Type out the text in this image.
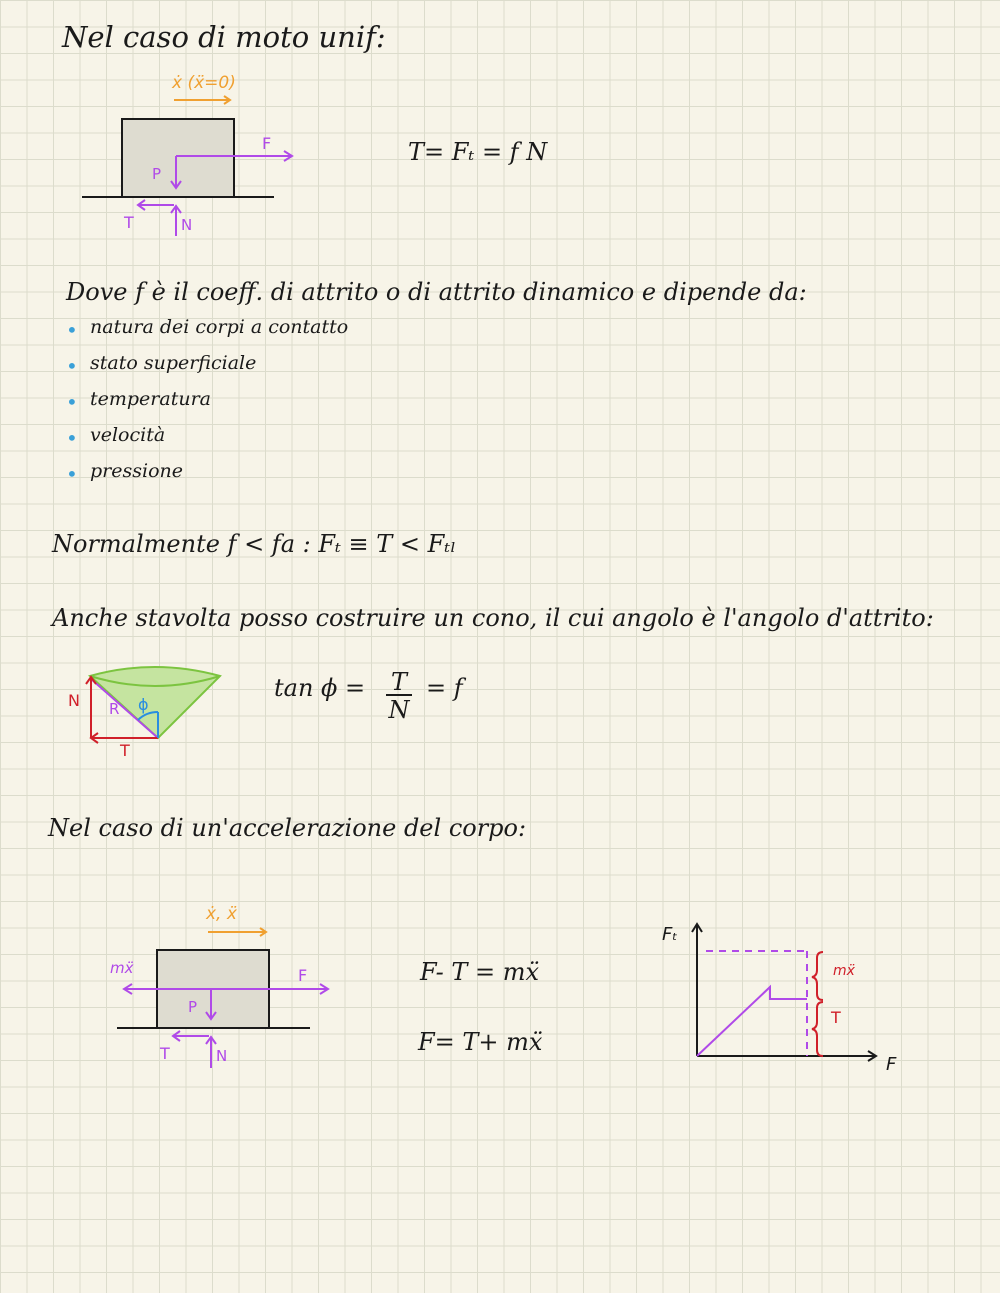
Nel caso di moto unif:
ẋ (ẍ=0)
F
P
T	N
T= Fₜ = f N
Dove f è il coeff. di attrito o di attrito dinamico e dipende da:
• natura dei corpi a contatto
• stato superficiale
• temperatura
• velocità
• pressione
Normalmente f < fa : Fₜ ≡ T < Fₜₗ
Anche stavolta posso costruire un cono, il cui angolo è l'angolo d'attrito:
R
N
T
ϕ
tan ϕ = T
N
= f
Nel caso di un'accelerazione del corpo:
ẋ, ẍ
F
mẍ
P
T	N
F- T = mẍ
F= T+ mẍ
Fₜ
F
mẍ
T
